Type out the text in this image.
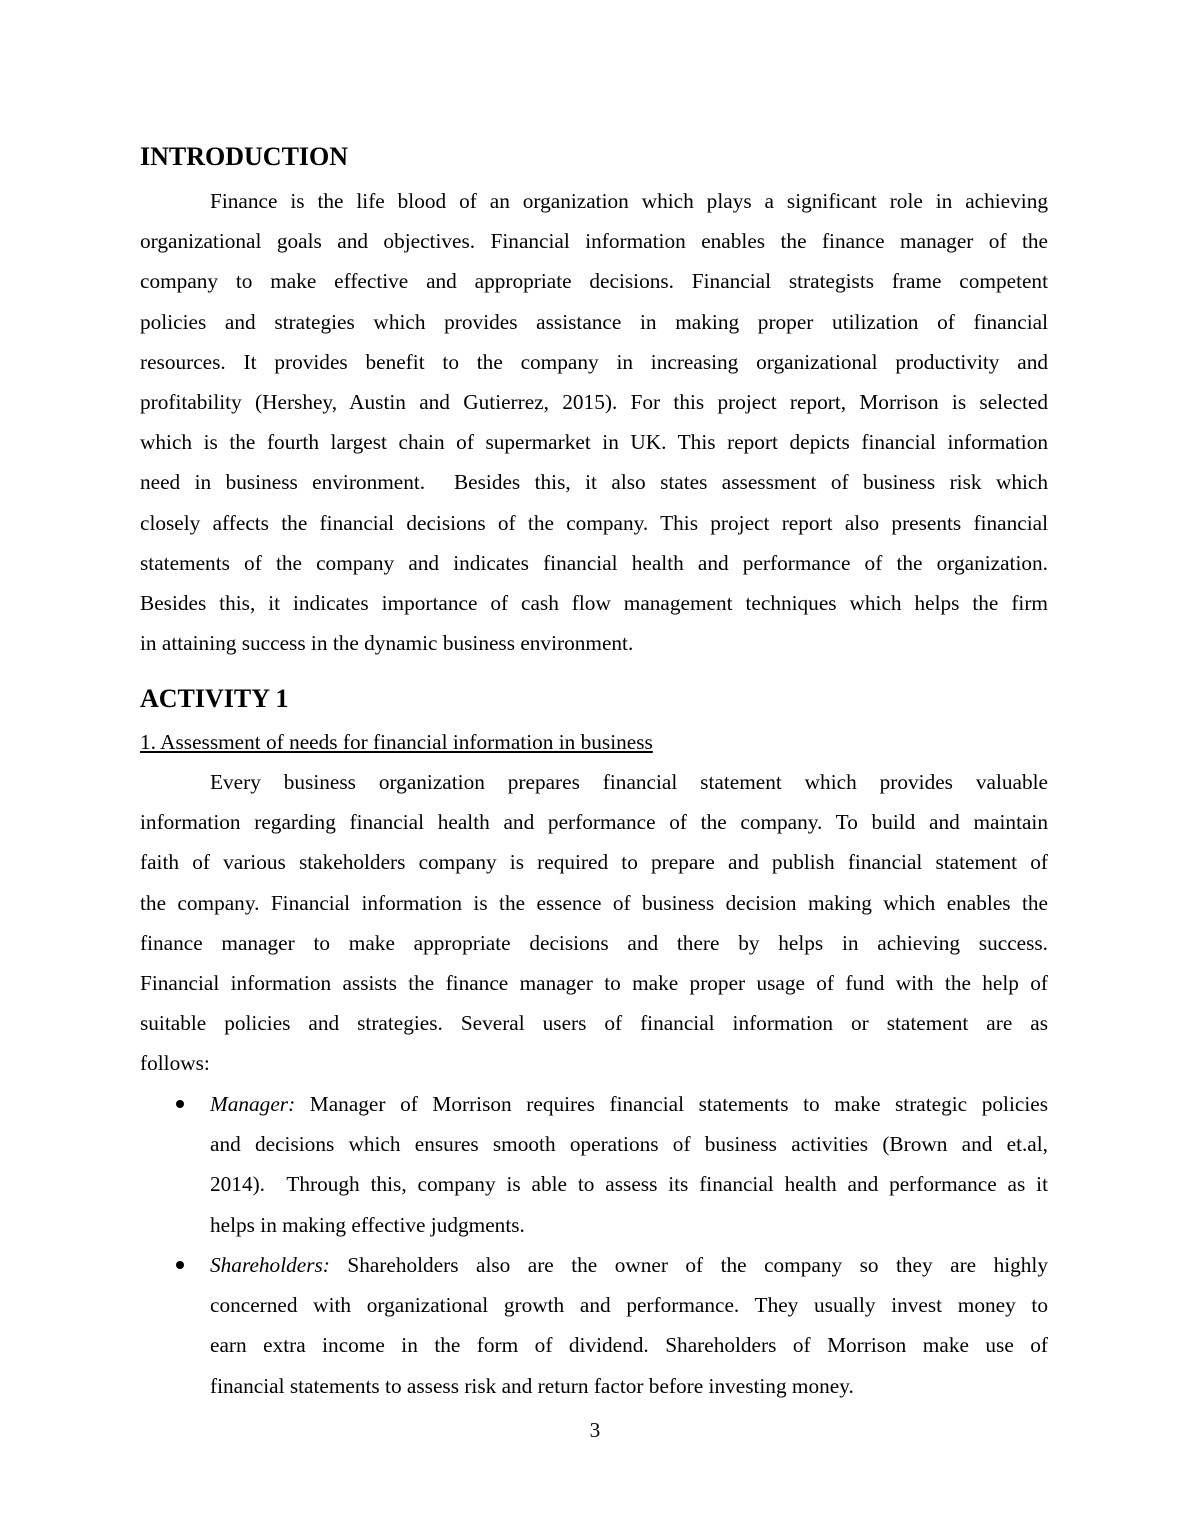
INTRODUCTION
Finance is the life blood of an organization which plays a significant role in achieving
organizational goals and objectives. Financial information enables the finance manager of the
company to make effective and appropriate decisions. Financial strategists frame competent
policies and strategies which provides assistance in making proper utilization of financial
resources. It provides benefit to the company in increasing organizational productivity and
profitability (Hershey, Austin and Gutierrez, 2015). For this project report, Morrison is selected
which is the fourth largest chain of supermarket in UK. This report depicts financial information
need in business environment.  Besides this, it also states assessment of business risk which
closely affects the financial decisions of the company. This project report also presents financial
statements of the company and indicates financial health and performance of the organization.
Besides this, it indicates importance of cash flow management techniques which helps the firm
in attaining success in the dynamic business environment.
ACTIVITY 1
1. Assessment of needs for financial information in business
Every business organization prepares financial statement which provides valuable
information regarding financial health and performance of the company. To build and maintain
faith of various stakeholders company is required to prepare and publish financial statement of
the company. Financial information is the essence of business decision making which enables the
finance manager to make appropriate decisions and there by helps in achieving success.
Financial information assists the finance manager to make proper usage of fund with the help of
suitable policies and strategies. Several users of financial information or statement are as
follows:
Manager: Manager of Morrison requires financial statements to make strategic policies
and decisions which ensures smooth operations of business activities (Brown and et.al,
2014).  Through this, company is able to assess its financial health and performance as it
helps in making effective judgments.
Shareholders: Shareholders also are the owner of the company so they are highly
concerned with organizational growth and performance. They usually invest money to
earn extra income in the form of dividend. Shareholders of Morrison make use of
financial statements to assess risk and return factor before investing money.
3
